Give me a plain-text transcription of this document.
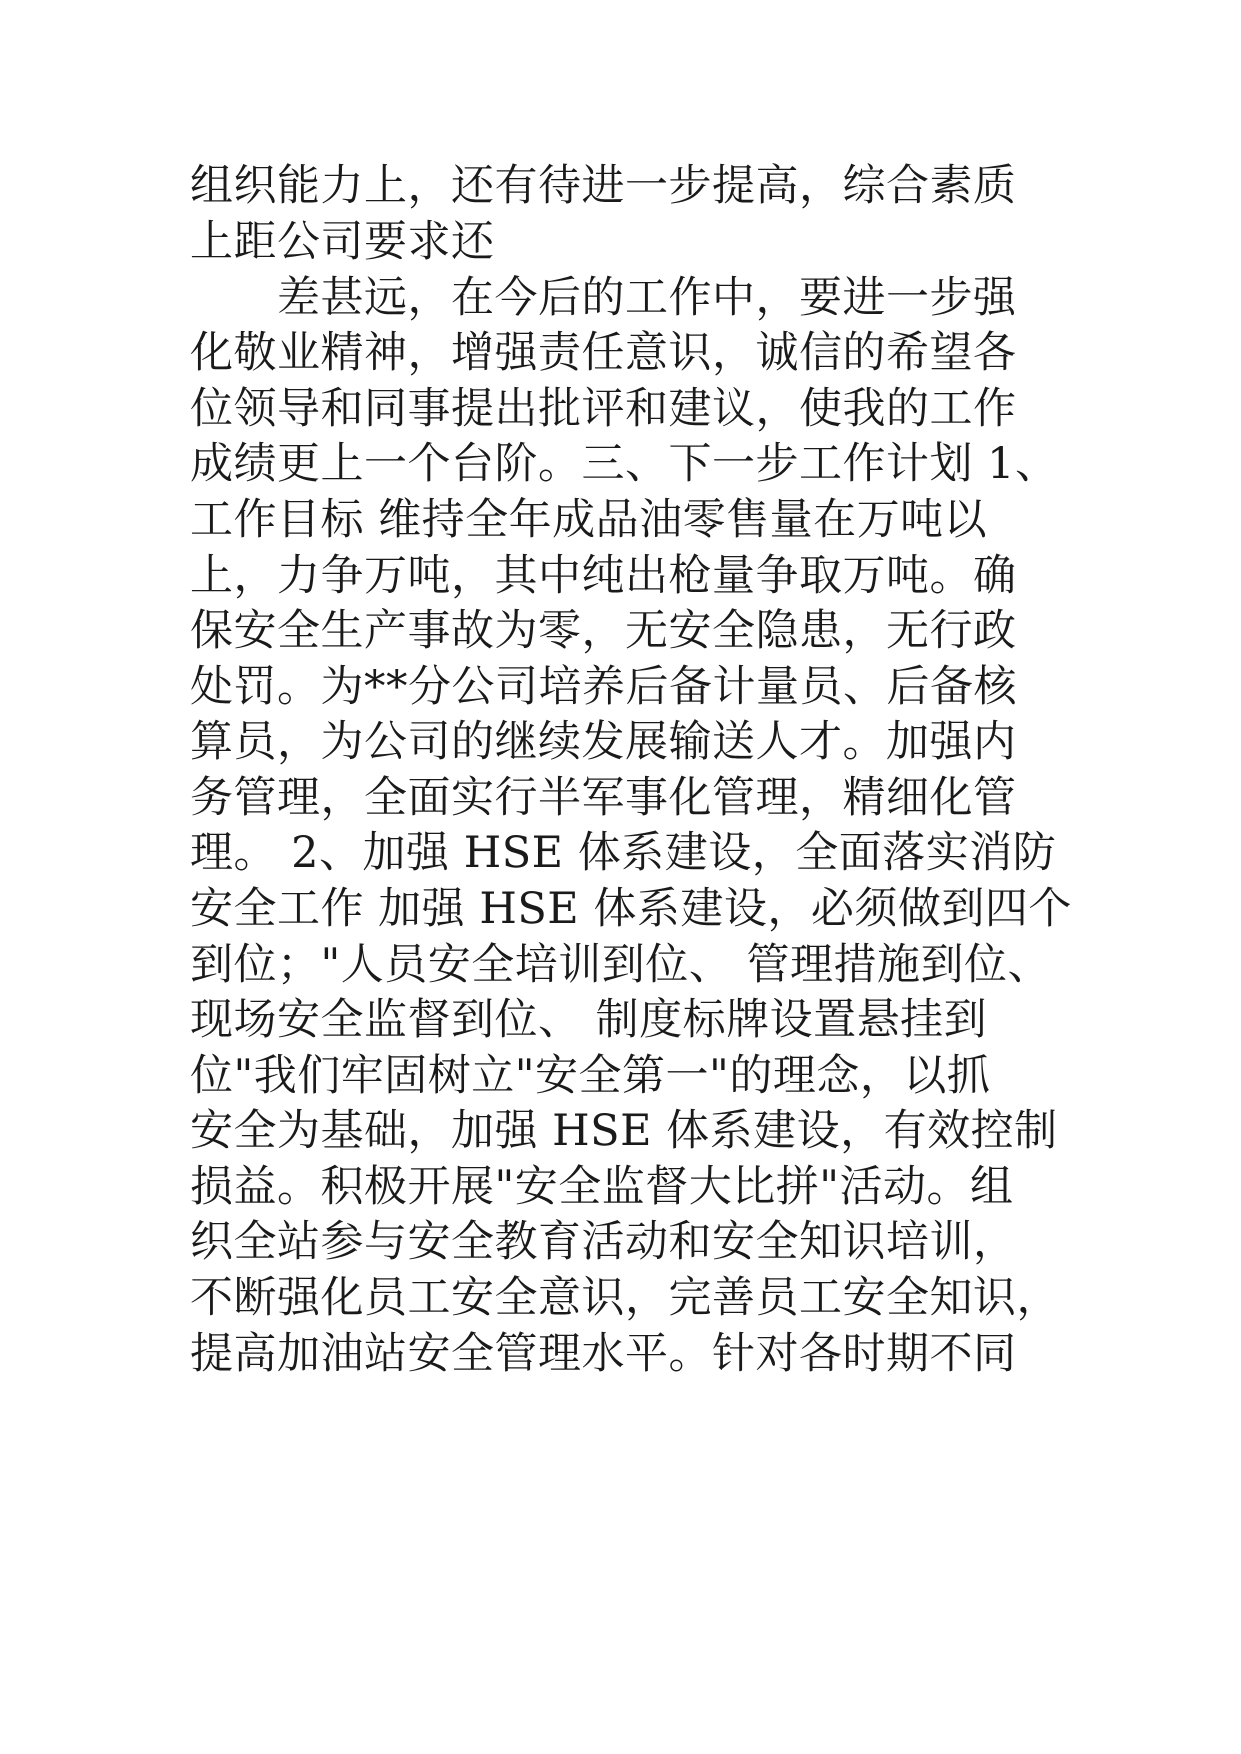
组织能力上，还有待进一步提高，综合素质
上距公司要求还
　　差甚远，在今后的工作中，要进一步强
化敬业精神，增强责任意识，诚信的希望各
位领导和同事提出批评和建议，使我的工作
成绩更上一个台阶。三、下一步工作计划 1、
工作目标 维持全年成品油零售量在万吨以
上，力争万吨，其中纯出枪量争取万吨。确
保安全生产事故为零，无安全隐患，无行政
处罚。为**分公司培养后备计量员、后备核
算员，为公司的继续发展输送人才。加强内
务管理，全面实行半军事化管理，精细化管
理。 2、加强 HSE 体系建设，全面落实消防
安全工作 加强 HSE 体系建设，必须做到四个
到位；"人员安全培训到位、 管理措施到位、
现场安全监督到位、 制度标牌设置悬挂到
位"我们牢固树立"安全第一"的理念，以抓
安全为基础，加强 HSE 体系建设，有效控制
损益。积极开展"安全监督大比拼"活动。组
织全站参与安全教育活动和安全知识培训，
不断强化员工安全意识，完善员工安全知识，
提高加油站安全管理水平。针对各时期不同
